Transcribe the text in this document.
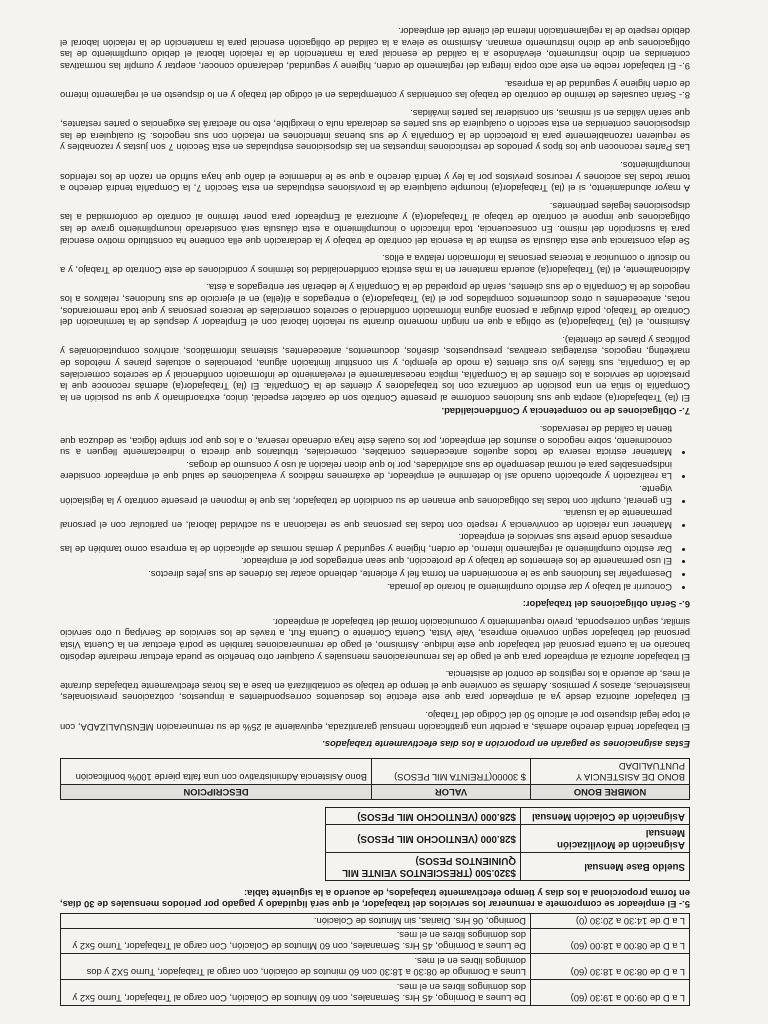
L a D de 09:00 a 19:30 (60)	De Lunes a Domingo, 45 Hrs. Semanales, con 60 Minutos de Colación, Con cargo al Trabajador, Turno 5x2 y dos domingos libres en el mes.
L a D de 08:30 a 18:30 (60)	Lunes a Domingo de 08:30 a 18:30 con 60 minutos de colación, con cargo al Trabajador, Turno 5X2 y dos domingos libres en el mes.
L a D de 08:00 a 18:00 (60)	De Lunes a Domingo, 45 Hrs. Semanales, con 60 Minutos de Colación, Con cargo al Trabajador, Turno 5x2 y dos domingos libres en el mes.
L a D de 14:30 a 20:30 (0)	Domingo, 06 Hrs. Diarias, sin Minutos de Colación.

5.- El empleador se compromete a remunerar los servicios del trabajador, el que será liquidado y pagado por periodos mensuales de 30 días, en forma proporcional a los días y tiempo efectivamente trabajados, de acuerdo a la siguiente tabla:

Sueldo Base Mensual	$320.500 (TRESCIENTOS VEINTE MIL QUINIENTOS PESOS)
Asignación de Movilización Mensual	$28.000 (VENTIOCHO MIL PESOS)
Asignación de Colación Mensual	$28.000 (VENTIOCHO MIL PESOS)
NOMBRE BONO	VALOR	DESCRIPCION
BONO DE ASISTENCIA Y PUNTUALIDAD	$ 30000(TREINTA MIL PESOS)	Bono Asistencia Administrativo con una falta pierde 100% bonificación

Estas asignaciones se pagarán en proporción a los días efectivamente trabajados.

El trabajador tendrá derecho además, a percibir una gratificación mensual garantizada, equivalente al 25% de su remuneración MENSUALIZADA, con el tope legal dispuesto por el artículo 50 del Código del Trabajo.

El trabajador autoriza desde ya al empleador para que este efectúe los descuentos correspondientes a impuestos, cotizaciones previsionales, inasistencias, atrasos y permisos. Además se conviene que el tiempo de trabajo se contabilizará en base a las horas efectivamente trabajadas durante el mes, de acuerdo a los registros de control de asistencia.

El trabajador autoriza al empleador para que el pago de las remuneraciones mensuales y cualquier otro beneficio se pueda efectuar mediante depósito bancario en la cuenta personal del trabajador que este indique. Asimismo, el pago de remuneraciones también se podrá efectuar en la Cuenta Vista personal del trabajador según convenio empresa, Vale Vista, Cuenta Corriente o Cuenta Rut, a través de los servicios de Servipag u otro servicio similar, según corresponda, previo requerimiento y comunicación formal del trabajador al empleador.

6.- Serán obligaciones del trabajador:

• Concurrir al trabajo y dar estricto cumplimiento al horario de jornada.
• Desempeñar las funciones que se le encomienden en forma fiel y eficiente, debiendo acatar las órdenes de sus jefes directos.
• El uso permanente de los elementos de trabajo y de protección, que sean entregados por el empleador.
• Dar estricto cumplimiento al reglamento interno, de orden, higiene y seguridad y demás normas de aplicación de la empresa como también de las empresas donde preste sus servicios el empleador.
• Mantener una relación de convivencia y respeto con todas las personas que se relacionan a su actividad laboral, en particular con el personal permanente de la usuaria.
• En general, cumplir con todas las obligaciones que emanen de su condición de trabajador, las que le imponen el presente contrato y la legislación vigente.
• La realización y aprobación cuando así lo determine el empleador, de exámenes médicos y evaluaciones de salud que el empleador considere indispensables para el normal desempeño de sus actividades, por lo que dicen relación al uso y consumo de drogas.
• Mantener estricta reserva de todos aquellos antecedentes contables, comerciales, tributarios que directa o indirectamente lleguen a su conocimiento, sobre negocios o asuntos del empleador, por los cuales éste haya ordenado reserva, o a los que por simple lógica, se deduzca que tienen la calidad de reservados.

7.- Obligaciones de no competencia y Confidencialidad.

El (la) Trabajador(a) acepta que sus funciones conforme al presente Contrato son de carácter especial, único, extraordinario y que su posición en la Compañía lo sitúa en una posición de confianza con los trabajadores y clientes de la Compañía. El (la) Trabajador(a) además reconoce que la prestación de servicios a los clientes de la Compañía, implica necesariamente el revelamiento de información confidencial y de secretos comerciales de la Compañía, sus filiales y/o sus clientes (a modo de ejemplo, y sin constituir limitación alguna, potenciales o actuales planes y métodos de marketing, negocios, estrategias creativas, presupuestos, diseños, documentos, antecedentes, sistemas informáticos, archivos computacionales y políticas y planes de clientela).

Asimismo, el (la) Trabajador(a) se obliga a que en ningún momento durante su relación laboral con el Empleador y después de la terminación del Contrato de Trabajo, podrá divulgar a persona alguna información confidencial o secretos comerciales de terceros personas y que toda memorandos, notas, antecedentes u otros documentos compilados por el (la) Trabajador(a) o entregados a él(ella) en el ejercicio de sus funciones, relativos a los negocios de la Compañía o de sus clientes, serán de propiedad de la Compañía y le deberán ser entregados a ésta.

Adicionalmente, el (la) Trabajador(a) acuerda mantener en la más estricta confidencialidad los términos y condiciones de este Contrato de Trabajo, y a no discutir o comunicar a terceras personas la información relativa a ellos.

Se deja constancia que esta cláusula se estima de la esencia del contrato de trabajo y la declaración que ella contiene ha constituido motivo esencial para la suscripción del mismo. En consecuencia, toda infracción o incumplimiento a esta cláusula será considerado incumplimiento grave de las obligaciones que impone el contrato de trabajo al Trabajador(a) y autorizará al Empleador para poner término al contrato de conformidad a las disposiciones legales pertinentes.

A mayor abundamiento, si el (la) Trabajador(a) incumple cualquiera de la provisiones estipuladas en esta Sección 7, la Compañía tendrá derecho a tomar todas las acciones y recursos previstos por la ley y tendrá derecho a que se le indemnice el daño que haya sufrido en razón de los referidos incumplimientos.

Las Partes reconocen que los tipos y periodos de restricciones impuestas en las disposiciones estipuladas en esta Sección 7 son justas y razonables y se requieren razonablemente para la protección de la Compañía y de sus buenas intenciones en relación con sus negocios. Si cualquiera de las disposiciones contenidas en esta sección o cualquiera de sus partes es declarada nula o inexigible, esto no afectará las exigencias o partes restantes, que serán válidas en sí mismas, sin considerar las partes inválidas.

8.- Serán causales de término de contrato de trabajo las contenidas y contempladas en el código del trabajo y en lo dispuesto en el reglamento interno de orden higiene y seguridad de la empresa.

9.- El trabajador recibe en este acto copia íntegra del reglamento de orden, higiene y seguridad, declarando conocer, aceptar y cumplir las normativas contenidas en dicho instrumento, elevándose a la calidad de esencial para la mantención de la relación laboral el debido cumplimiento de las obligaciones que de dicho instrumento emanan. Asimismo se eleva a la calidad de obligación esencial para la mantención de la relación laboral el debido respeto de la reglamentación interna del cliente del empleador.
